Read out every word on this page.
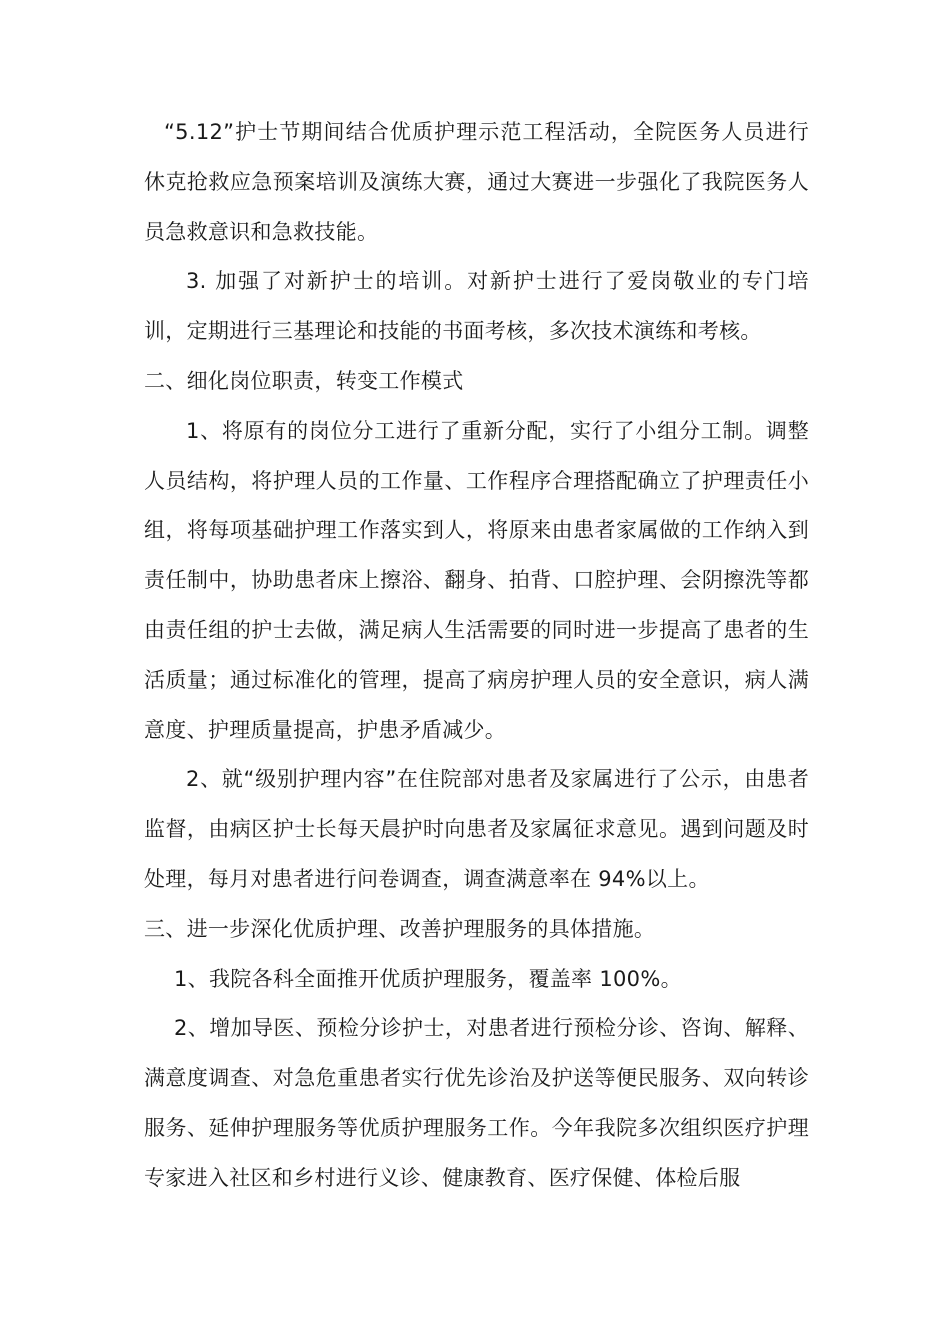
“5.12”护士节期间结合优质护理示范工程活动，全院医务人员进行休克抢救应急预案培训及演练大赛，通过大赛进一步强化了我院医务人员急救意识和急救技能。

3. 加强了对新护士的培训。对新护士进行了爱岗敬业的专门培训，定期进行三基理论和技能的书面考核，多次技术演练和考核。

二、细化岗位职责，转变工作模式

1、将原有的岗位分工进行了重新分配，实行了小组分工制。调整人员结构，将护理人员的工作量、工作程序合理搭配确立了护理责任小组，将每项基础护理工作落实到人，将原来由患者家属做的工作纳入到责任制中，协助患者床上擦浴、翻身、拍背、口腔护理、会阴擦洗等都由责任组的护士去做，满足病人生活需要的同时进一步提高了患者的生活质量；通过标准化的管理，提高了病房护理人员的安全意识，病人满意度、护理质量提高，护患矛盾减少。

2、就“级别护理内容”在住院部对患者及家属进行了公示，由患者监督，由病区护士长每天晨护时向患者及家属征求意见。遇到问题及时处理，每月对患者进行问卷调查，调查满意率在 94%以上。

三、进一步深化优质护理、改善护理服务的具体措施。

1、我院各科全面推开优质护理服务，覆盖率 100%。

2、增加导医、预检分诊护士，对患者进行预检分诊、咨询、解释、满意度调查、对急危重患者实行优先诊治及护送等便民服务、双向转诊服务、延伸护理服务等优质护理服务工作。今年我院多次组织医疗护理专家进入社区和乡村进行义诊、健康教育、医疗保健、体检后服
